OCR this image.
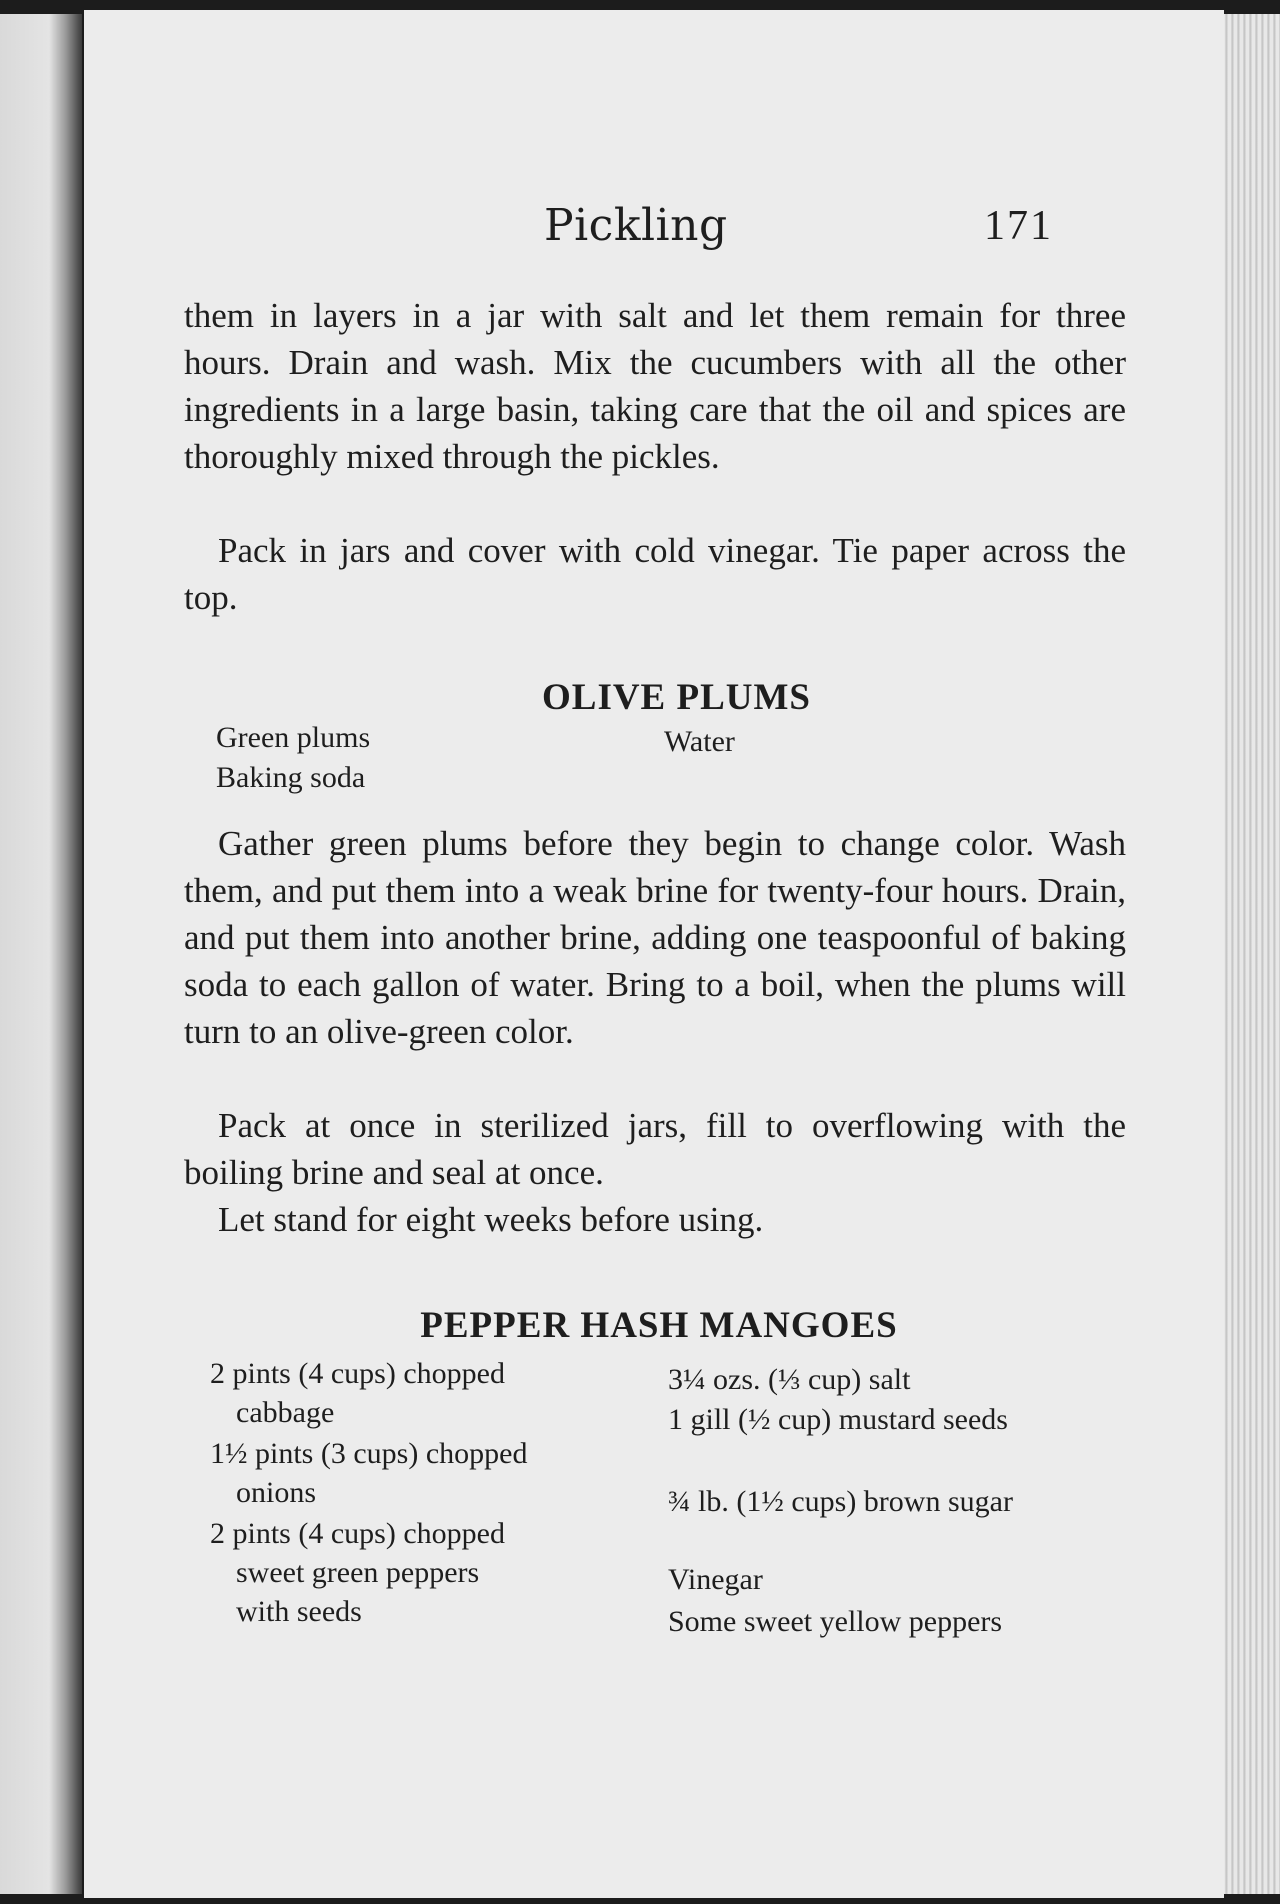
Pickling	171

them in layers in a jar with salt and let them remain for three hours. Drain and wash. Mix the cucumbers with all the other ingredients in a large basin, taking care that the oil and spices are thoroughly mixed through the pickles.

Pack in jars and cover with cold vinegar. Tie paper across the top.

OLIVE PLUMS

Green plums

Baking soda

Water

Gather green plums before they begin to change color. Wash them, and put them into a weak brine for twenty-four hours. Drain, and put them into another brine, adding one teaspoonful of baking soda to each gallon of water. Bring to a boil, when the plums will turn to an olive-green color.

Pack at once in sterilized jars, fill to overflowing with the boiling brine and seal at once.

Let stand for eight weeks before using.

PEPPER HASH MANGOES

2 pints (4 cups) chopped cabbage

1½ pints (3 cups) chopped onions

2 pints (4 cups) chopped sweet green peppers with seeds

3¼ ozs. (⅓ cup) salt

1 gill (½ cup) mustard seeds

¾ lb. (1½ cups) brown sugar

Vinegar

Some sweet yellow peppers
